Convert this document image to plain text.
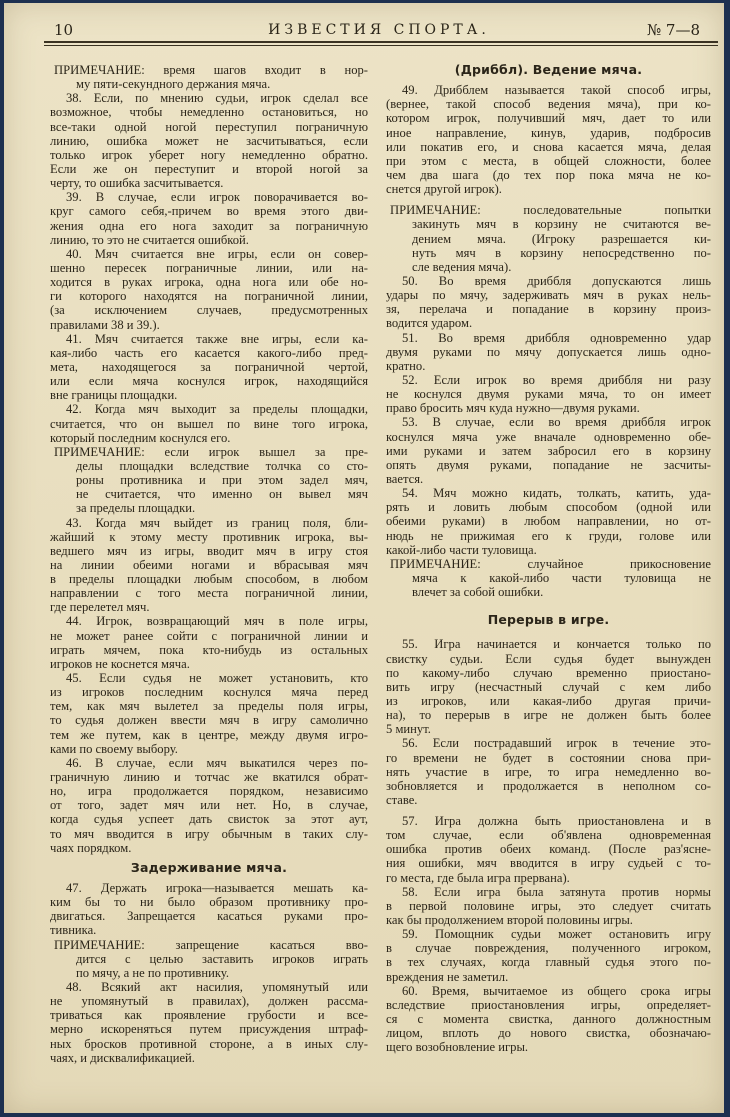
10	ИЗВЕСТИЯ СПОРТА.	№ 7—8
ПРИМЕЧАНИЕ: время шагов входит в нор-
му пяти-секундного держания мяча.
38. Если, по мнению судьи, игрок сделал все
возможное, чтобы немедленно остановиться, но
все-таки одной ногой переступил пограничную
линию, ошибка может не засчитываться, если
только игрок уберет ногу немедленно обратно.
Если же он переступит и второй ногой за
черту, то ошибка засчитывается.
39. В случае, если игрок поворачивается во-
круг самого себя,-причем во время этого дви-
жения одна его нога заходит за пограничную
линию, то это не считается ошибкой.
40. Мяч считается вне игры, если он совер-
шенно пересек пограничные линии, или на-
ходится в руках игрока, одна нога или обе но-
ги которого находятся на пограничной линии,
(за исключением случаев, предусмотренных
правилами 38 и 39.).
41. Мяч считается также вне игры, если ка-
кая-либо часть его касается какого-либо пред-
мета, находящегося за пограничной чертой,
или если мяча коснулся игрок, находящийся
вне границы площадки.
42. Когда мяч выходит за пределы площадки,
считается, что он вышел по вине того игрока,
который последним коснулся его.
ПРИМЕЧАНИЕ: если игрок вышел за пре-
делы площадки вследствие толчка со сто-
роны противника и при этом задел мяч,
не считается, что именно он вывел мяч
за пределы площадки.
43. Когда мяч выйдет из границ поля, бли-
жайший к этому месту противник игрока, вы-
ведшего мяч из игры, вводит мяч в игру стоя
на линии обеими ногами и вбрасывая мяч
в пределы площадки любым способом, в любом
направлении с того места пограничной линии,
где перелетел мяч.
44. Игрок, возвращающий мяч в поле игры,
не может ранее сойти с пограничной линии и
играть мячем, пока кто-нибудь из остальных
игроков не коснется мяча.
45. Если судья не может установить, кто
из игроков последним коснулся мяча перед
тем, как мяч вылетел за пределы поля игры,
то судья должен ввести мяч в игру самолично
тем же путем, как в центре, между двумя игро-
ками по своему выбору.
46. В случае, если мяч выкатился через по-
граничную линию и тотчас же вкатился обрат-
но, игра продолжается порядком, независимо
от того, задет мяч или нет. Но, в случае,
когда судья успеет дать свисток за этот аут,
то мяч вводится в игру обычным в таких слу-
чаях порядком.
Задерживание мяча.
47. Держать игрока—называется мешать ка-
ким бы то ни было образом противнику про-
двигаться. Запрещается касаться руками про-
тивника.
ПРИМЕЧАНИЕ: запрещение касаться вво-
дится с целью заставить игроков играть
по мячу, а не по противнику.
48. Всякий акт насилия, упомянутый или
не упомянутый в правилах), должен рассма-
триваться как проявление грубости и все-
мерно искореняться путем присуждения штраф-
ных бросков противной стороне, а в иных слу-
чаях, и дисквалификацией.
(Дриббл). Ведение мяча.
49. Дрибблем называется такой способ игры,
(вернее, такой способ ведения мяча), при ко-
котором игрок, получивший мяч, дает то или
иное направление, кинув, ударив, подбросив
или покатив его, и снова касается мяча, делая
при этом с места, в общей сложности, более
чем два шага (до тех пор пока мяча не ко-
снется другой игрок).
ПРИМЕЧАНИЕ: последовательные попытки
закинуть мяч в корзину не считаются ве-
дением мяча. (Игроку разрешается ки-
нуть мяч в корзину непосредственно по-
сле ведения мяча).
50. Во время дриббля допускаются лишь
удары по мячу, задерживать мяч в руках нель-
зя, перелача и попадание в корзину произ-
водится ударом.
51. Во время дриббля одновременно удар
двумя руками по мячу допускается лишь одно-
кратно.
52. Если игрок во время дриббля ни разу
не коснулся двумя руками мяча, то он имеет
право бросить мяч куда нужно—двумя руками.
53. В случае, если во время дриббля игрок
коснулся мяча уже вначале одновременно обе-
ими руками и затем забросил его в корзину
опять двумя руками, попадание не засчиты-
вается.
54. Мяч можно кидать, толкать, катить, уда-
рять и ловить любым способом (одной или
обеими руками) в любом направлении, но от-
нюдь не прижимая его к груди, голове или
какой-либо части туловища.
ПРИМЕЧАНИЕ: случайное прикосновение
мяча к какой-либо части туловища не
влечет за собой ошибки.
Перерыв в игре.
55. Игра начинается и кончается только по
свистку судьи. Если судья будет вынужден
по какому-либо случаю временно приостано-
вить игру (несчастный случай с кем либо
из игроков, или какая-либо другая причи-
на), то перерыв в игре не должен быть более
5 минут.
56. Если пострадавший игрок в течение это-
го времени не будет в состоянии снова при-
нять участие в игре, то игра немедленно во-
зобновляется и продолжается в неполном со-
ставе.
57. Игра должна быть приостановлена и в
том случае, если об'явлена одновременная
ошибка против обеих команд. (После раз'ясне-
ния ошибки, мяч вводится в игру судьей с то-
го места, где была игра прервана).
58. Если игра была затянута против нормы
в первой половине игры, это следует считать
как бы продолжением второй половины игры.
59. Помощник судьи может остановить игру
в случае повреждения, полученного игроком,
в тех случаях, когда главный судья этого по-
вреждения не заметил.
60. Время, вычитаемое из общего срока игры
вследствие приостановления игры, определяет-
ся с момента свистка, данного должностным
лицом, вплоть до нового свистка, обозначаю-
щего возобновление игры.
